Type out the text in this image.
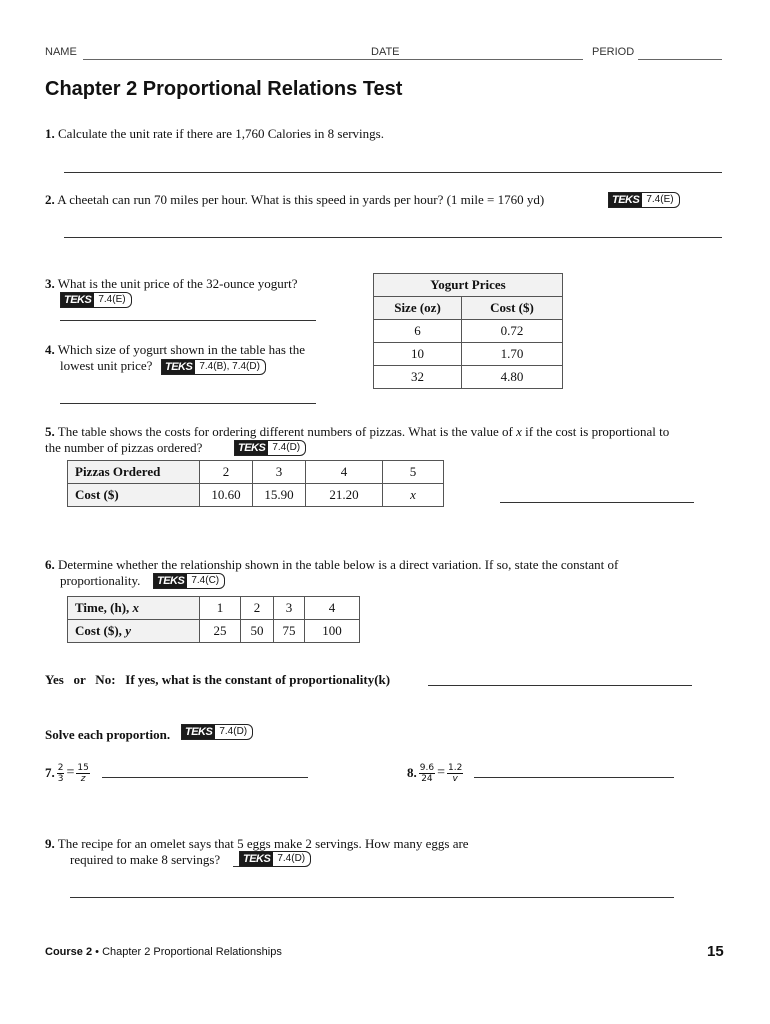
NAME	DATE	PERIOD
Chapter 2 Proportional Relations Test
1. Calculate the unit rate if there are 1,760 Calories in 8 servings.
2. A cheetah can run 70 miles per hour. What is this speed in yards per hour? (1 mile = 1760 yd)	TEKS 7.4(E)
3. What is the unit price of the 32-ounce yogurt?
TEKS 7.4(E)
4. Which size of yogurt shown in the table has the
lowest unit price? TEKS 7.4(B), 7.4(D)
Yogurt Prices	
Size (oz)	Cost ($)
6	0.72
10	1.70
32	4.80
5. The table shows the costs for ordering different numbers of pizzas. What is the value of x if the cost is proportional to
the number of pizzas ordered?	TEKS 7.4(D)
Pizzas Ordered	2	3	4	5
Cost ($)	10.60	15.90	21.20	x
6. Determine whether the relationship shown in the table below is a direct variation. If so, state the constant of
proportionality. TEKS 7.4(C)
Time, (h), x	1	2	3	4
Cost ($), y	25	50	75	100
Yes   or   No:   If yes, what is the constant of proportionality(k)
Solve each proportion. TEKS 7.4(D)
7. $\frac{2}{3} = \frac{15}{z}$	8. $\frac{9.6}{24} = \frac{1.2}{v}$
9. The recipe for an omelet says that 5 eggs make 2 servings. How many eggs are
required to make 8 servings? TEKS 7.4(D)
Course 2 • Chapter 2 Proportional Relationships	15
